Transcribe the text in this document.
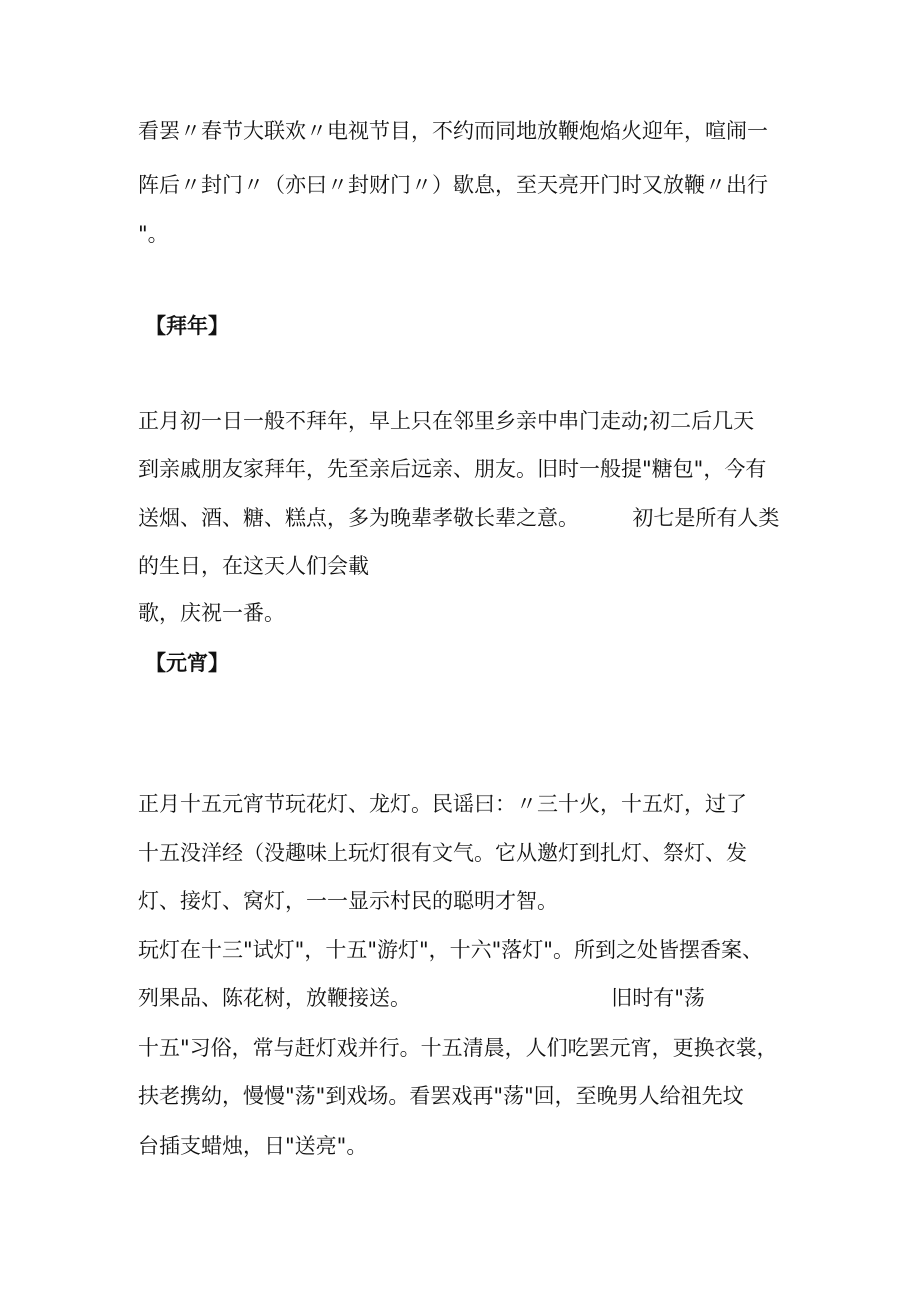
看罢〃春节大联欢〃电视节目，不约而同地放鞭炮焰火迎年，喧闹一

阵后〃封门〃（亦曰〃封财门〃）歇息，至天亮开门时又放鞭〃出行

"。

【拜年】

正月初一日一般不拜年，早上只在邻里乡亲中串门走动;初二后几天

到亲戚朋友家拜年，先至亲后远亲、朋友。旧时一般提"糖包"，今有

送烟、酒、糖、糕点，多为晚辈孝敬长辈之意。        初七是所有人类

的生日，在这天人们会載

歌，庆祝一番。

【元宵】

正月十五元宵节玩花灯、龙灯。民谣曰：〃三十火，十五灯，过了

十五没洋经（没趣味上玩灯很有文气。它从邀灯到扎灯、祭灯、发

灯、接灯、窝灯，一一显示村民的聪明才智。

玩灯在十三"试灯"，十五"游灯"，十六"落灯"。所到之处皆摆香案、

列果品、陈花树，放鞭接送。                              旧时有"荡

十五"习俗，常与赶灯戏并行。十五清晨，人们吃罢元宵，更换衣裳，

扶老携幼，慢慢"荡"到戏场。看罢戏再"荡"回，至晚男人给祖先坟

台插支蜡烛，日"送亮"。
